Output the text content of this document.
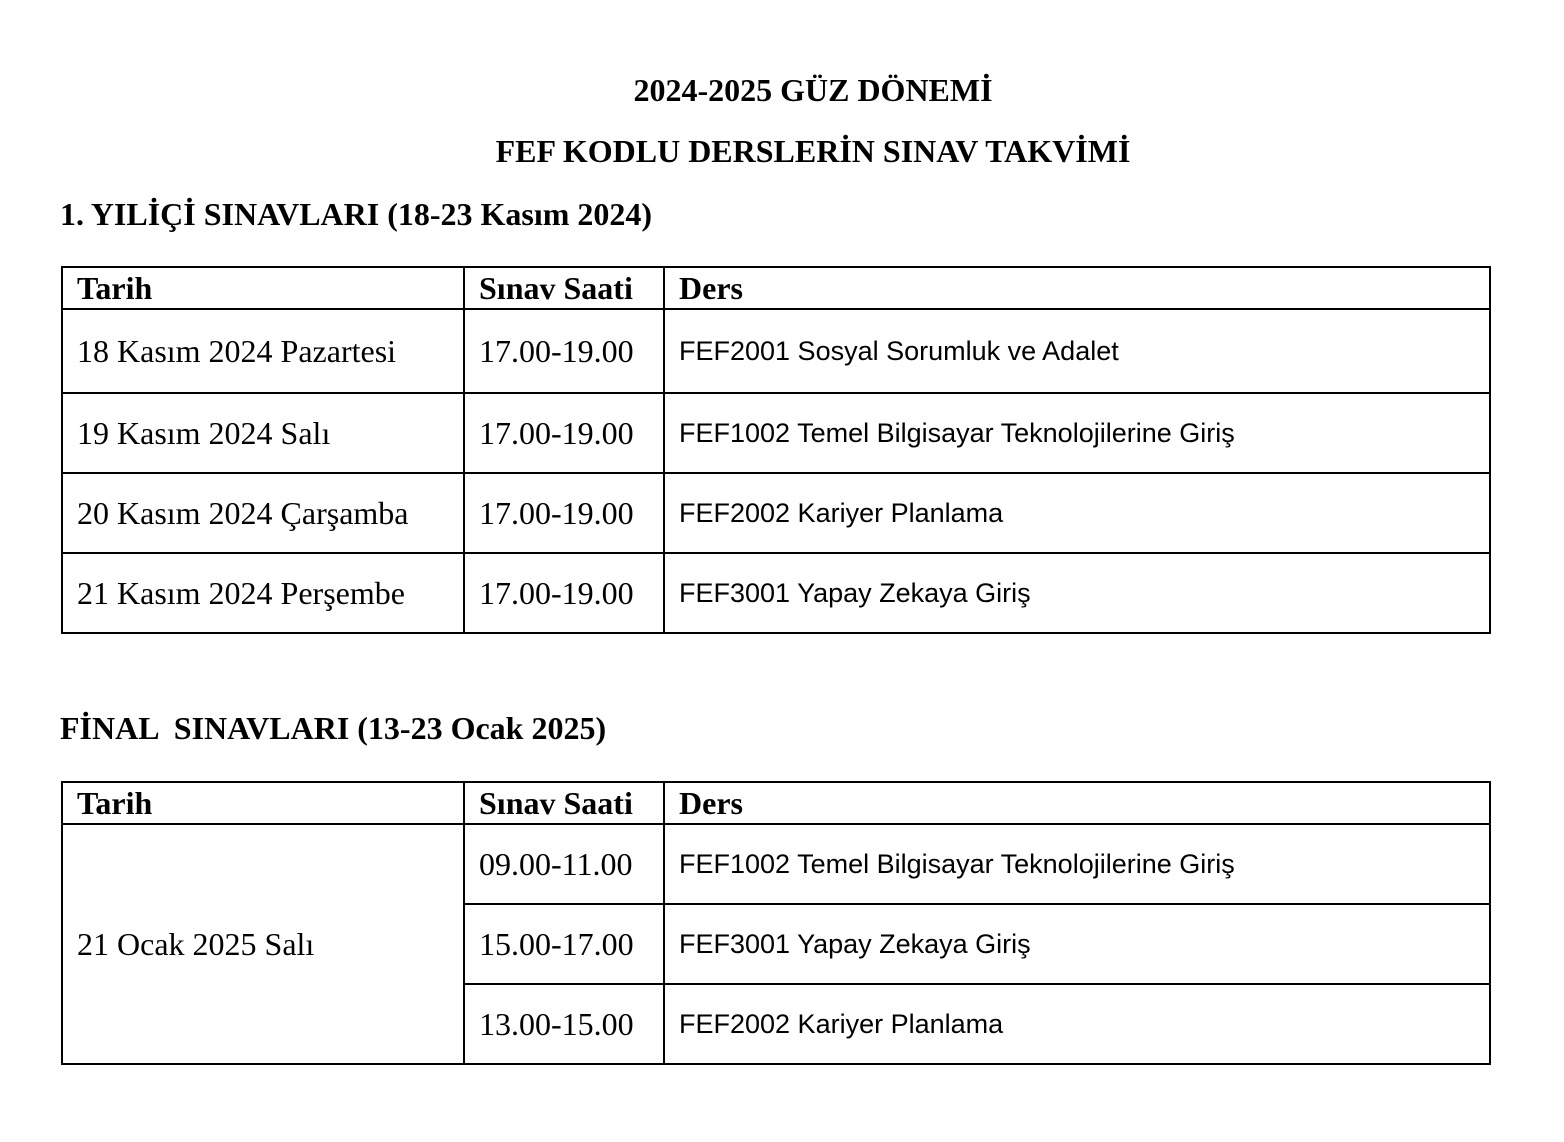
2024-2025 GÜZ DÖNEMİ
FEF KODLU DERSLERİN SINAV TAKVİMİ
1. YILİÇİ SINAVLARI (18-23 Kasım 2024)
Tarih	Sınav Saati	Ders
18 Kasım 2024 Pazartesi	17.00-19.00	FEF2001 Sosyal Sorumluk ve Adalet
19 Kasım 2024 Salı	17.00-19.00	FEF1002 Temel Bilgisayar Teknolojilerine Giriş
20 Kasım 2024 Çarşamba	17.00-19.00	FEF2002 Kariyer Planlama
21 Kasım 2024 Perşembe	17.00-19.00	FEF3001 Yapay Zekaya Giriş
FİNAL  SINAVLARI (13-23 Ocak 2025)
Tarih	Sınav Saati	Ders
21 Ocak 2025 Salı	09.00-11.00	FEF1002 Temel Bilgisayar Teknolojilerine Giriş
	15.00-17.00	FEF3001 Yapay Zekaya Giriş
	13.00-15.00	FEF2002 Kariyer Planlama
